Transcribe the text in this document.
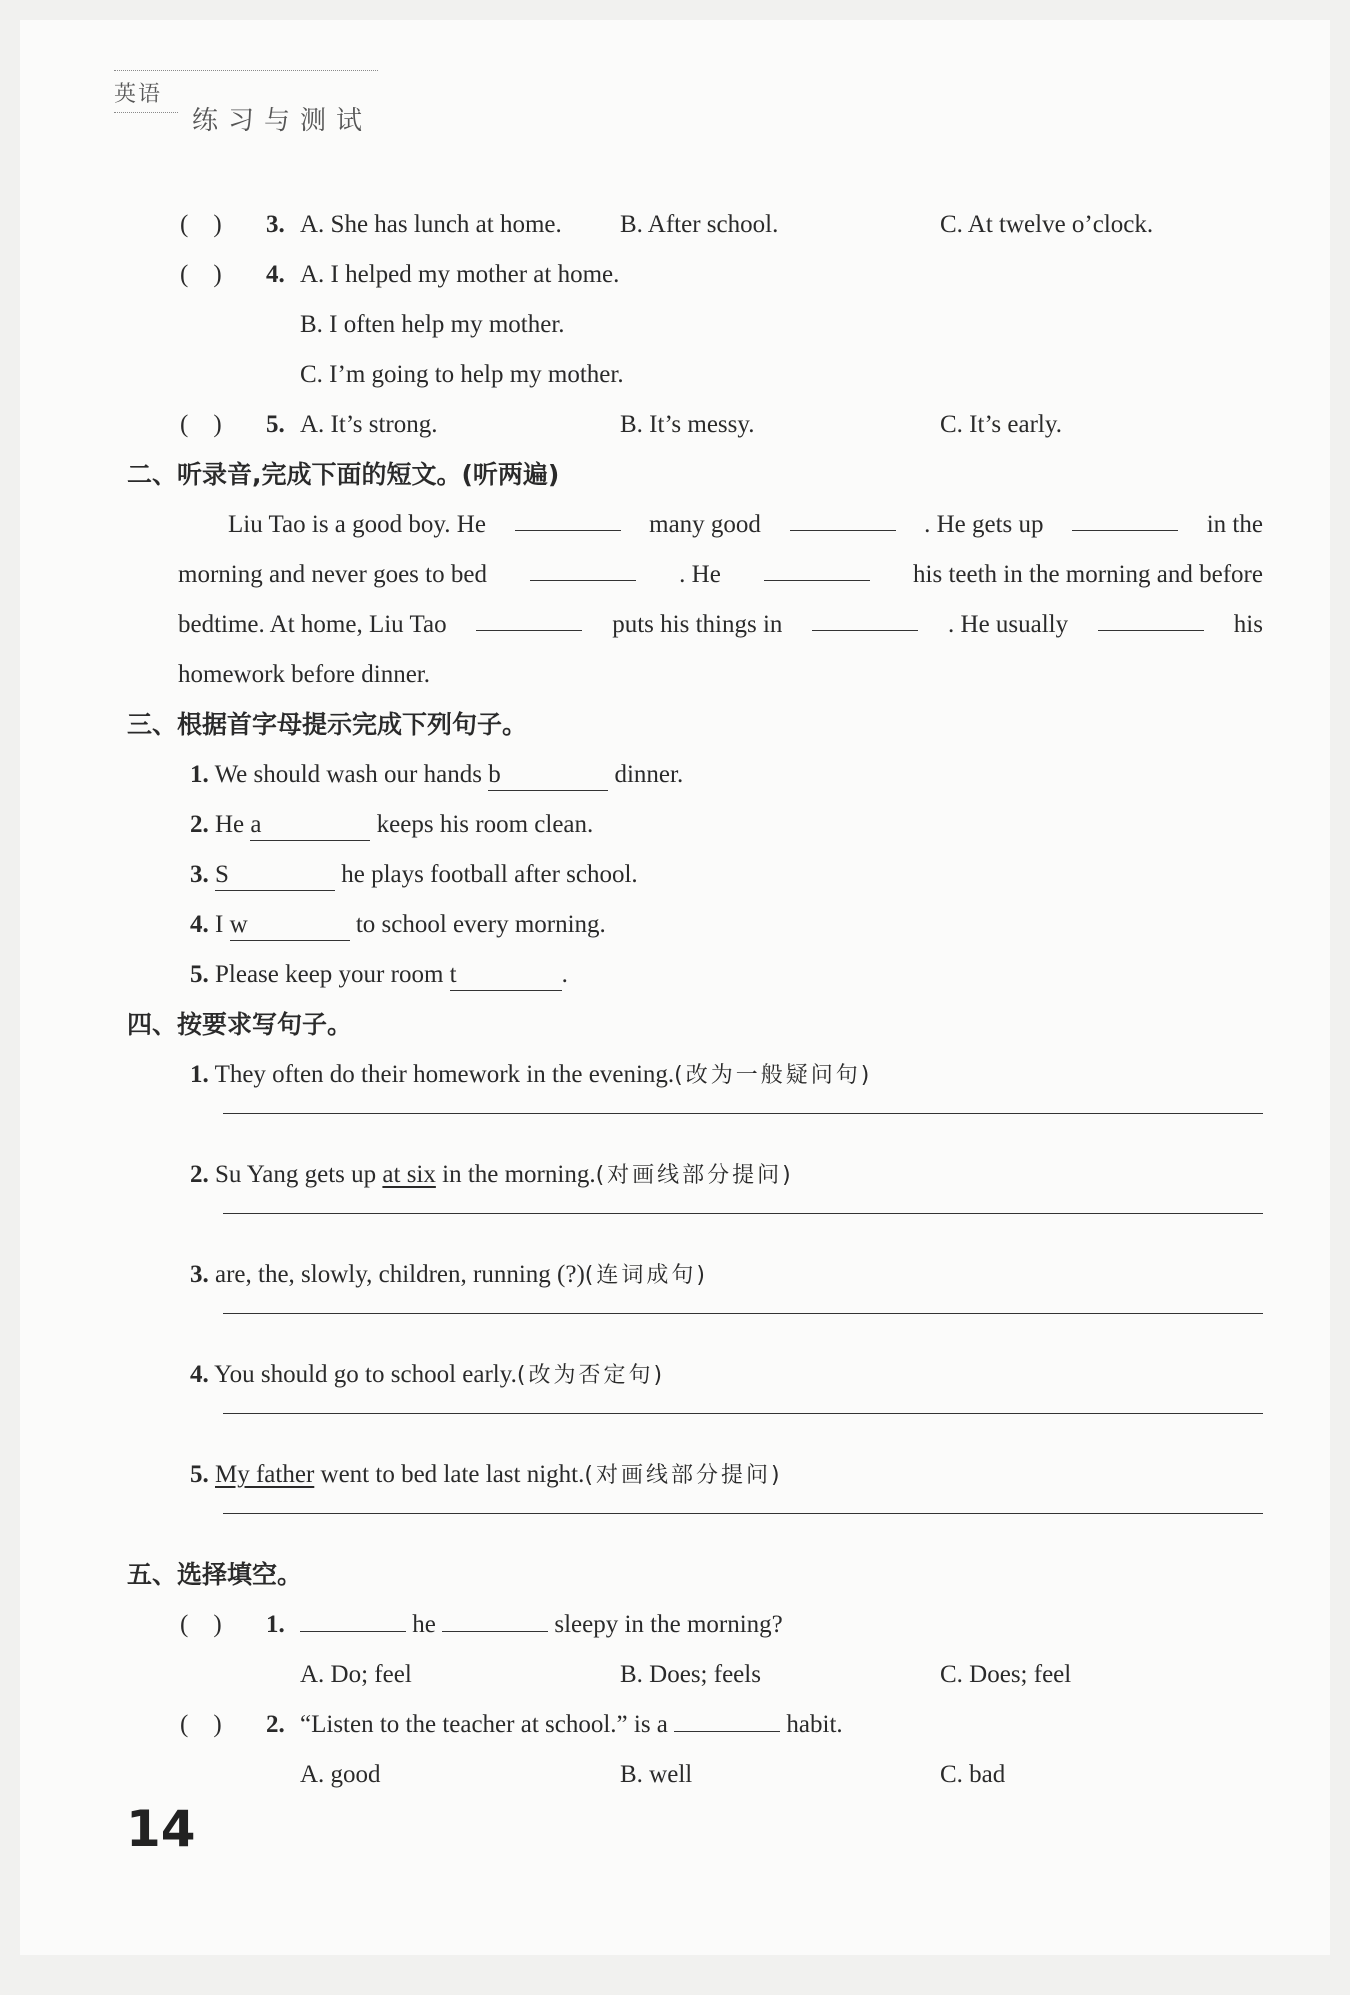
英语
练习与测试
(    ) 3. A. She has lunch at home. B. After school.	C. At twelve o’clock.
(    ) 4. A. I helped my mother at home.
B. I often help my mother.
C. I’m going to help my mother.
(    ) 5. A. It’s strong.	B. It’s messy.	C. It’s early.
二、听录音,完成下面的短文。(听两遍)
Liu Tao is a good boy. He	many good	. He gets up	in the
morning and never goes to bed	. He	his teeth in the morning and before
bedtime. At home, Liu Tao	puts his things in	. He usually	his
homework before dinner.
三、根据首字母提示完成下列句子。
1. We should wash our hands b	dinner.
2. He a	keeps his room clean.
3. S	he plays football after school.
4. I w	to school every morning.
5. Please keep your room t	.
四、按要求写句子。
1. They often do their homework in the evening.(改为一般疑问句)
2. Su Yang gets up at six in the morning.(对画线部分提问)
3. are, the, slowly, children, running (?)(连词成句)
4. You should go to school early.(改为否定句)
5. My father went to bed late last night.(对画线部分提问)
五、选择填空。
(    ) 1.	he	sleepy in the morning?
A. Do; feel	B. Does; feels	C. Does; feel
(    ) 2. “Listen to the teacher at school.” is a	habit.
A. good	B. well	C. bad
14
